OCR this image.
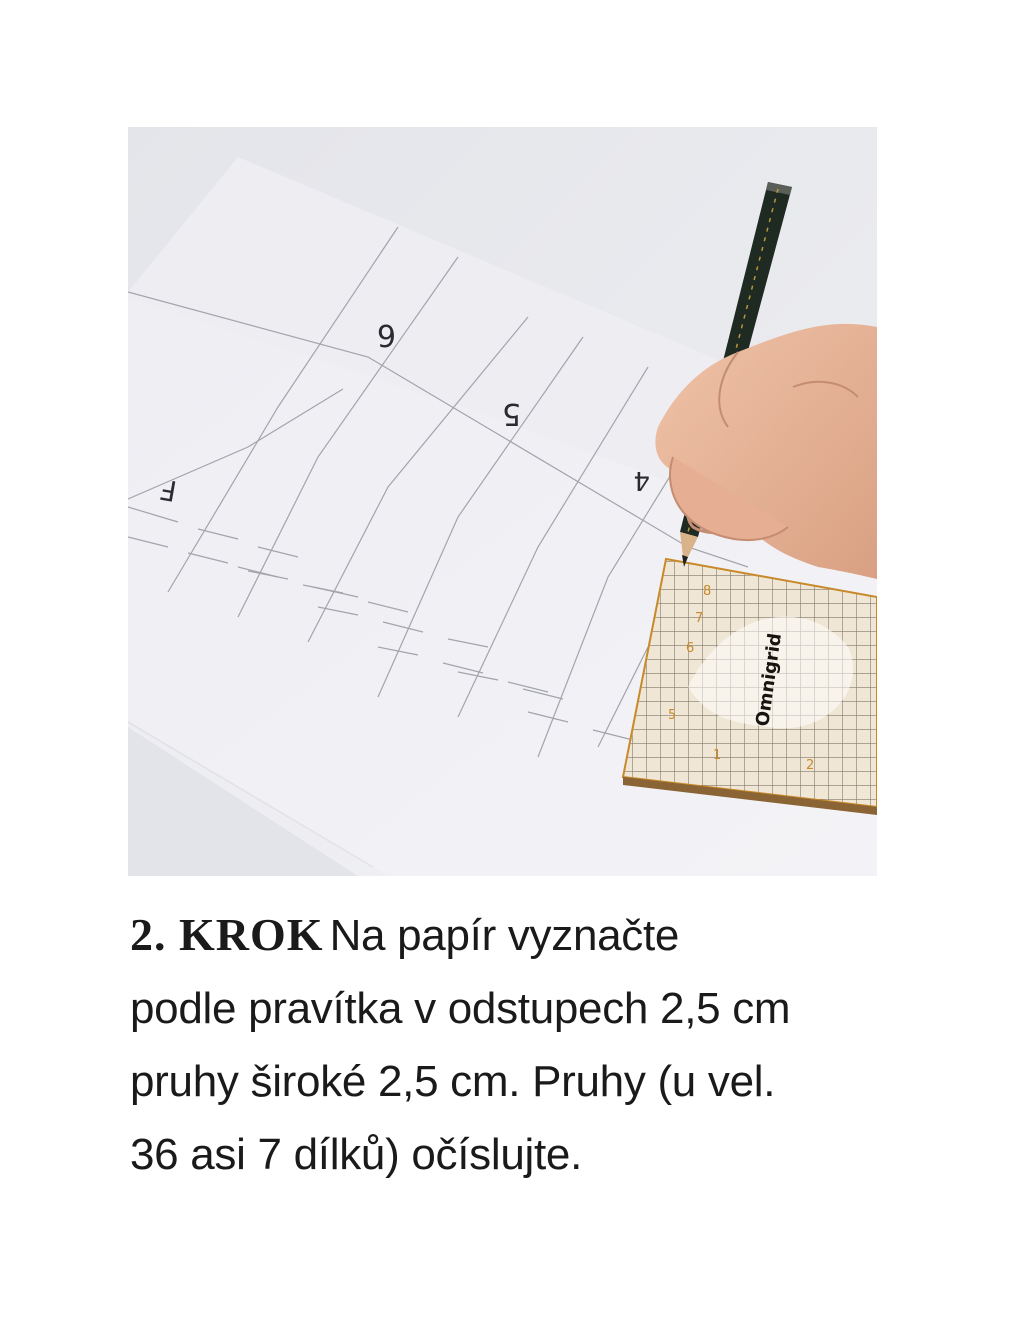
6
5
4
F
Omnigrid
8
7
6
5
1
2
2. KROK Na papír vyznačte
podle pravítka v odstupech 2,5 cm
pruhy široké 2,5 cm. Pruhy (u vel.
36 asi 7 dílků) očíslujte.
